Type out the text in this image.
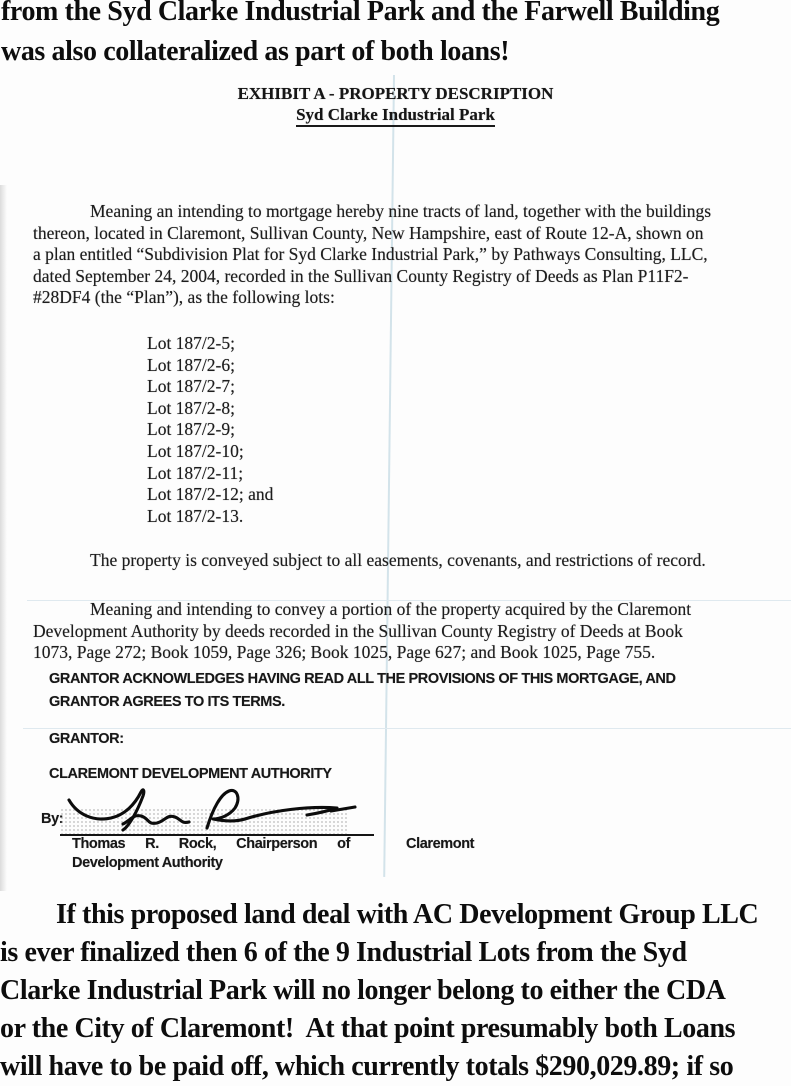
from the Syd Clarke Industrial Park and the Farwell Building
was also collateralized as part of both loans!
EXHIBIT A - PROPERTY DESCRIPTION
Syd Clarke Industrial Park
Meaning an intending to mortgage hereby nine tracts of land, together with the buildings
thereon, located in Claremont, Sullivan County, New Hampshire, east of Route 12-A, shown on
a plan entitled “Subdivision Plat for Syd Clarke Industrial Park,” by Pathways Consulting, LLC,
dated September 24, 2004, recorded in the Sullivan County Registry of Deeds as Plan P11F2-
#28DF4 (the “Plan”), as the following lots:
Lot 187/2-5;
Lot 187/2-6;
Lot 187/2-7;
Lot 187/2-8;
Lot 187/2-9;
Lot 187/2-10;
Lot 187/2-11;
Lot 187/2-12; and
Lot 187/2-13.
The property is conveyed subject to all easements, covenants, and restrictions of record.
Meaning and intending to convey a portion of the property acquired by the Claremont
Development Authority by deeds recorded in the Sullivan County Registry of Deeds at Book
1073, Page 272; Book 1059, Page 326; Book 1025, Page 627; and Book 1025, Page 755.
GRANTOR ACKNOWLEDGES HAVING READ ALL THE PROVISIONS OF THIS MORTGAGE, AND
GRANTOR AGREES TO ITS TERMS.
GRANTOR:
CLAREMONT DEVELOPMENT AUTHORITY
By:
Thomas R. Rock, Chairperson of	Claremont
Development Authority
If this proposed land deal with AC Development Group LLC
is ever finalized then 6 of the 9 Industrial Lots from the Syd
Clarke Industrial Park will no longer belong to either the CDA
or the City of Claremont!  At that point presumably both Loans
will have to be paid off, which currently totals $290,029.89; if so
